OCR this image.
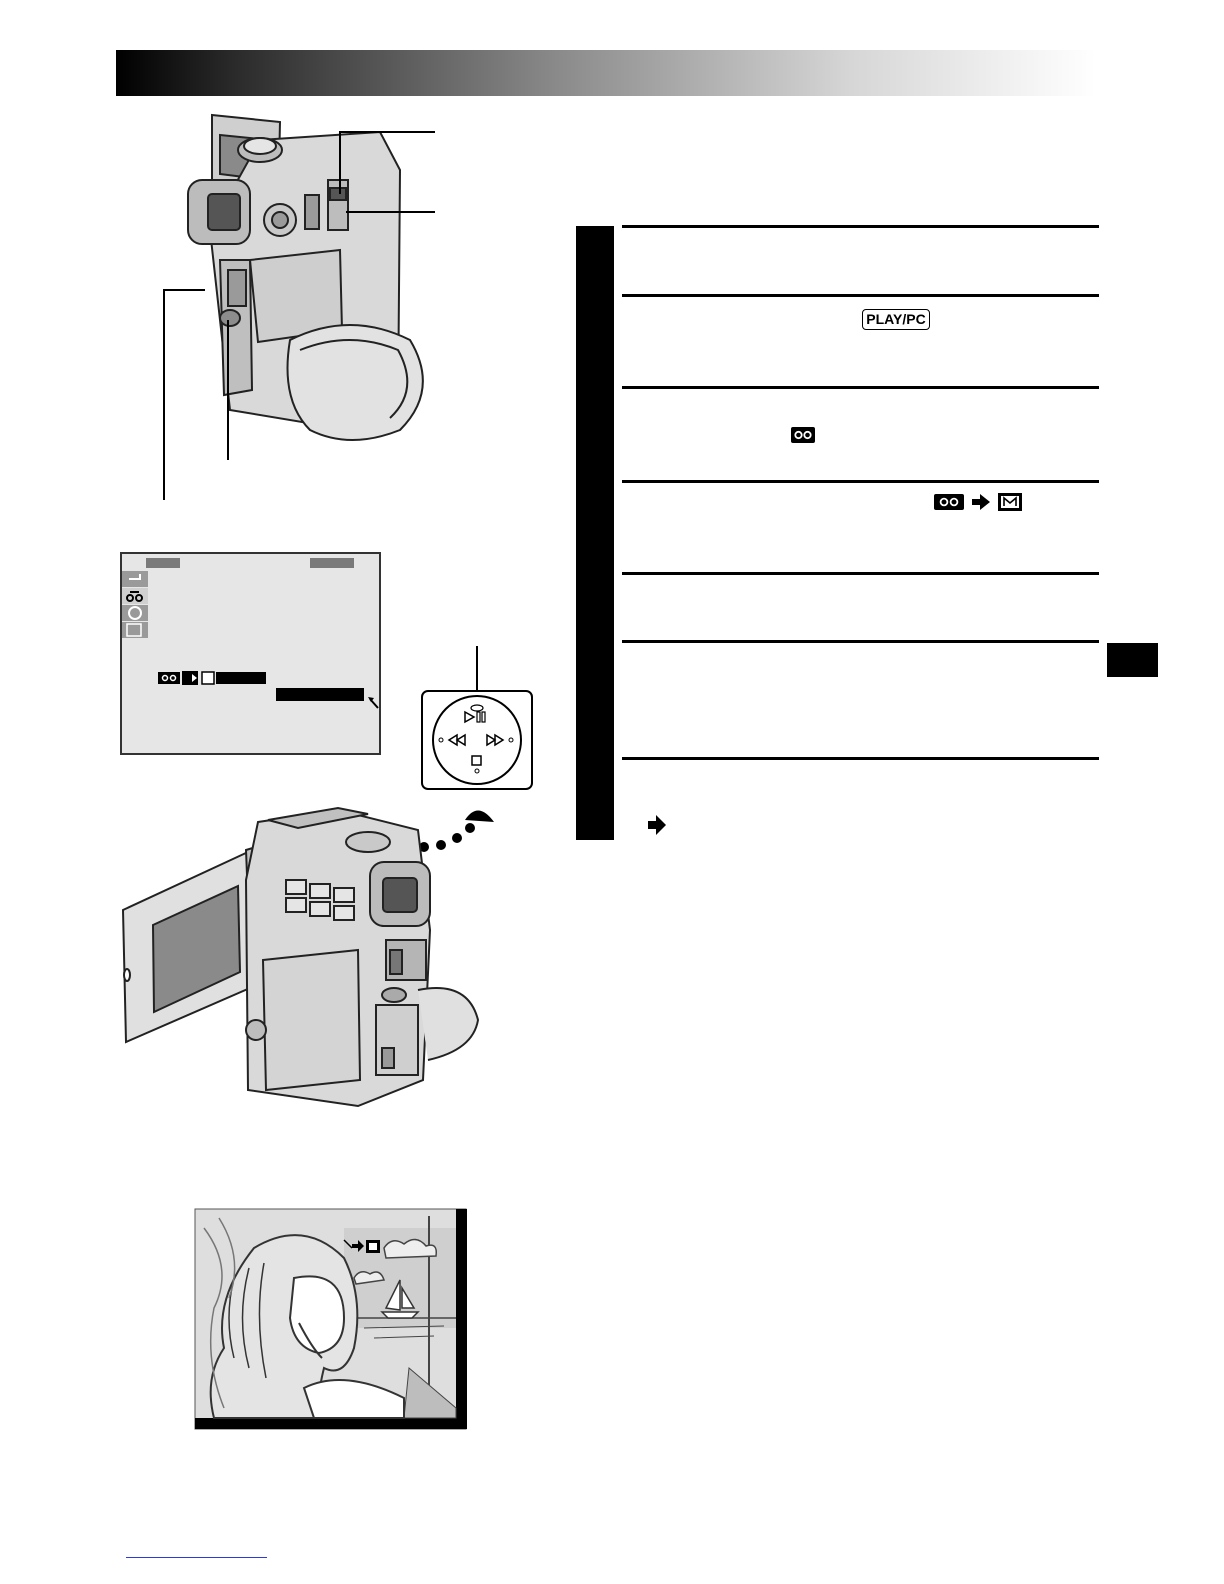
PLAY/PC
